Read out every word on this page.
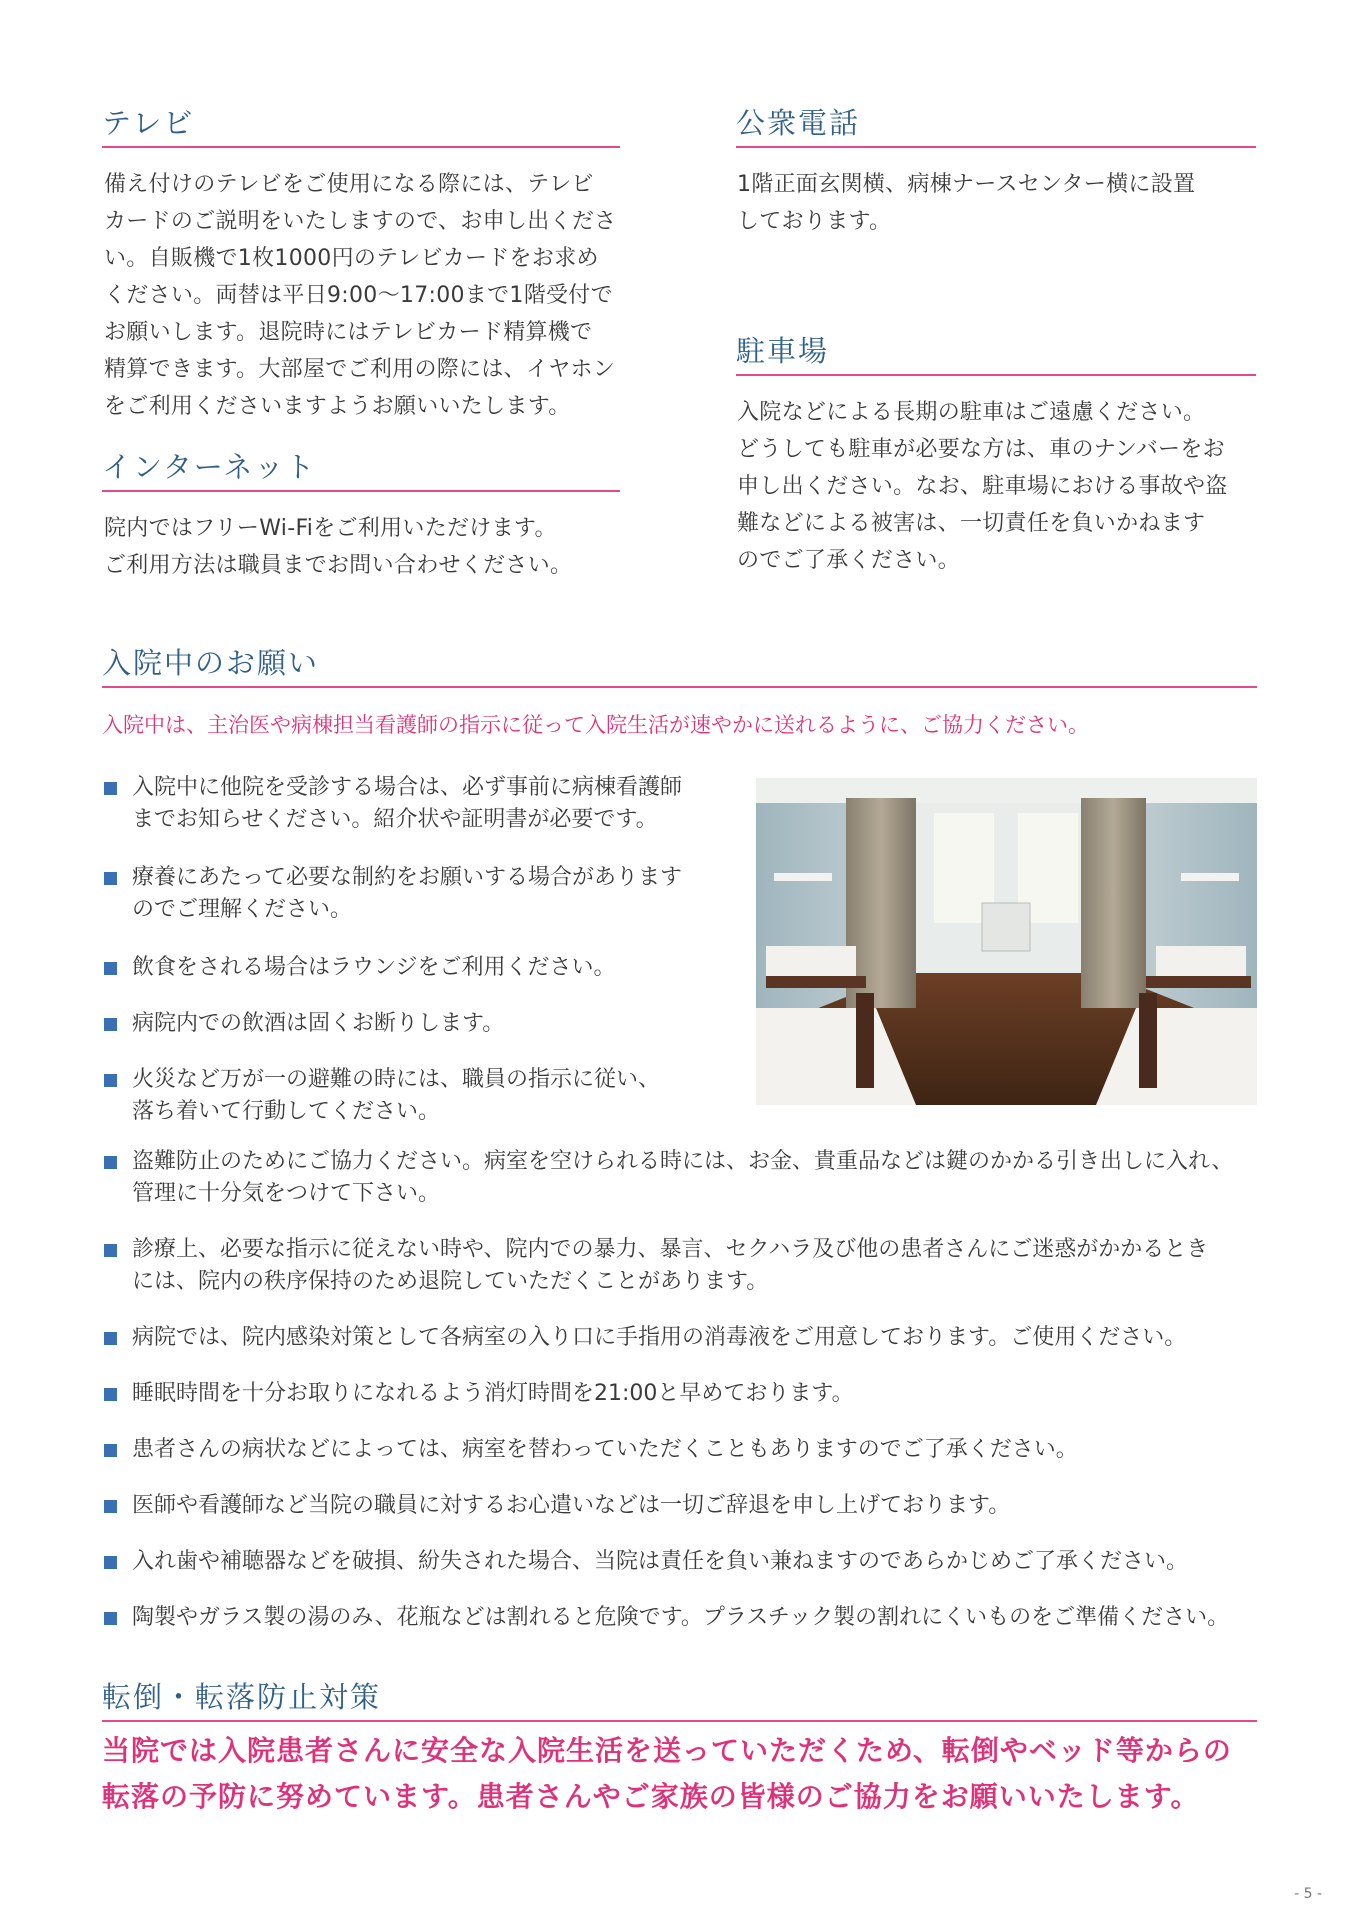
テレビ
備え付けのテレビをご使用になる際には、テレビ
カードのご説明をいたしますので、お申し出くださ
い。自販機で1枚1000円のテレビカードをお求め
ください。両替は平日9:00〜17:00まで1階受付で
お願いします。退院時にはテレビカード精算機で
精算できます。大部屋でご利用の際には、イヤホン
をご利用くださいますようお願いいたします。
インターネット
院内ではフリーWi-Fiをご利用いただけます。
ご利用方法は職員までお問い合わせください。
公衆電話
1階正面玄関横、病棟ナースセンター横に設置
しております。
駐車場
入院などによる長期の駐車はご遠慮ください。
どうしても駐車が必要な方は、車のナンバーをお
申し出ください。なお、駐車場における事故や盗
難などによる被害は、一切責任を負いかねます
のでご了承ください。
入院中のお願い

入院中は、主治医や病棟担当看護師の指示に従って入院生活が速やかに送れるように、ご協力ください。

入院中に他院を受診する場合は、必ず事前に病棟看護師
までお知らせください。紹介状や証明書が必要です。
療養にあたって必要な制約をお願いする場合があります
のでご理解ください。
飲食をされる場合はラウンジをご利用ください。
病院内での飲酒は固くお断りします。
火災など万が一の避難の時には、職員の指示に従い、
落ち着いて行動してください。
盗難防止のためにご協力ください。病室を空けられる時には、お金、貴重品などは鍵のかかる引き出しに入れ、
管理に十分気をつけて下さい。
診療上、必要な指示に従えない時や、院内での暴力、暴言、セクハラ及び他の患者さんにご迷惑がかかるとき
には、院内の秩序保持のため退院していただくことがあります。
病院では、院内感染対策として各病室の入り口に手指用の消毒液をご用意しております。ご使用ください。
睡眠時間を十分お取りになれるよう消灯時間を21:00と早めております。
患者さんの病状などによっては、病室を替わっていただくこともありますのでご了承ください。
医師や看護師など当院の職員に対するお心遣いなどは一切ご辞退を申し上げております。
入れ歯や補聴器などを破損、紛失された場合、当院は責任を負い兼ねますのであらかじめご了承ください。
陶製やガラス製の湯のみ、花瓶などは割れると危険です。プラスチック製の割れにくいものをご準備ください。
転倒・転落防止対策

当院では入院患者さんに安全な入院生活を送っていただくため、転倒やベッド等からの

転落の予防に努めています。患者さんやご家族の皆様のご協力をお願いいたします。

- 5 -
